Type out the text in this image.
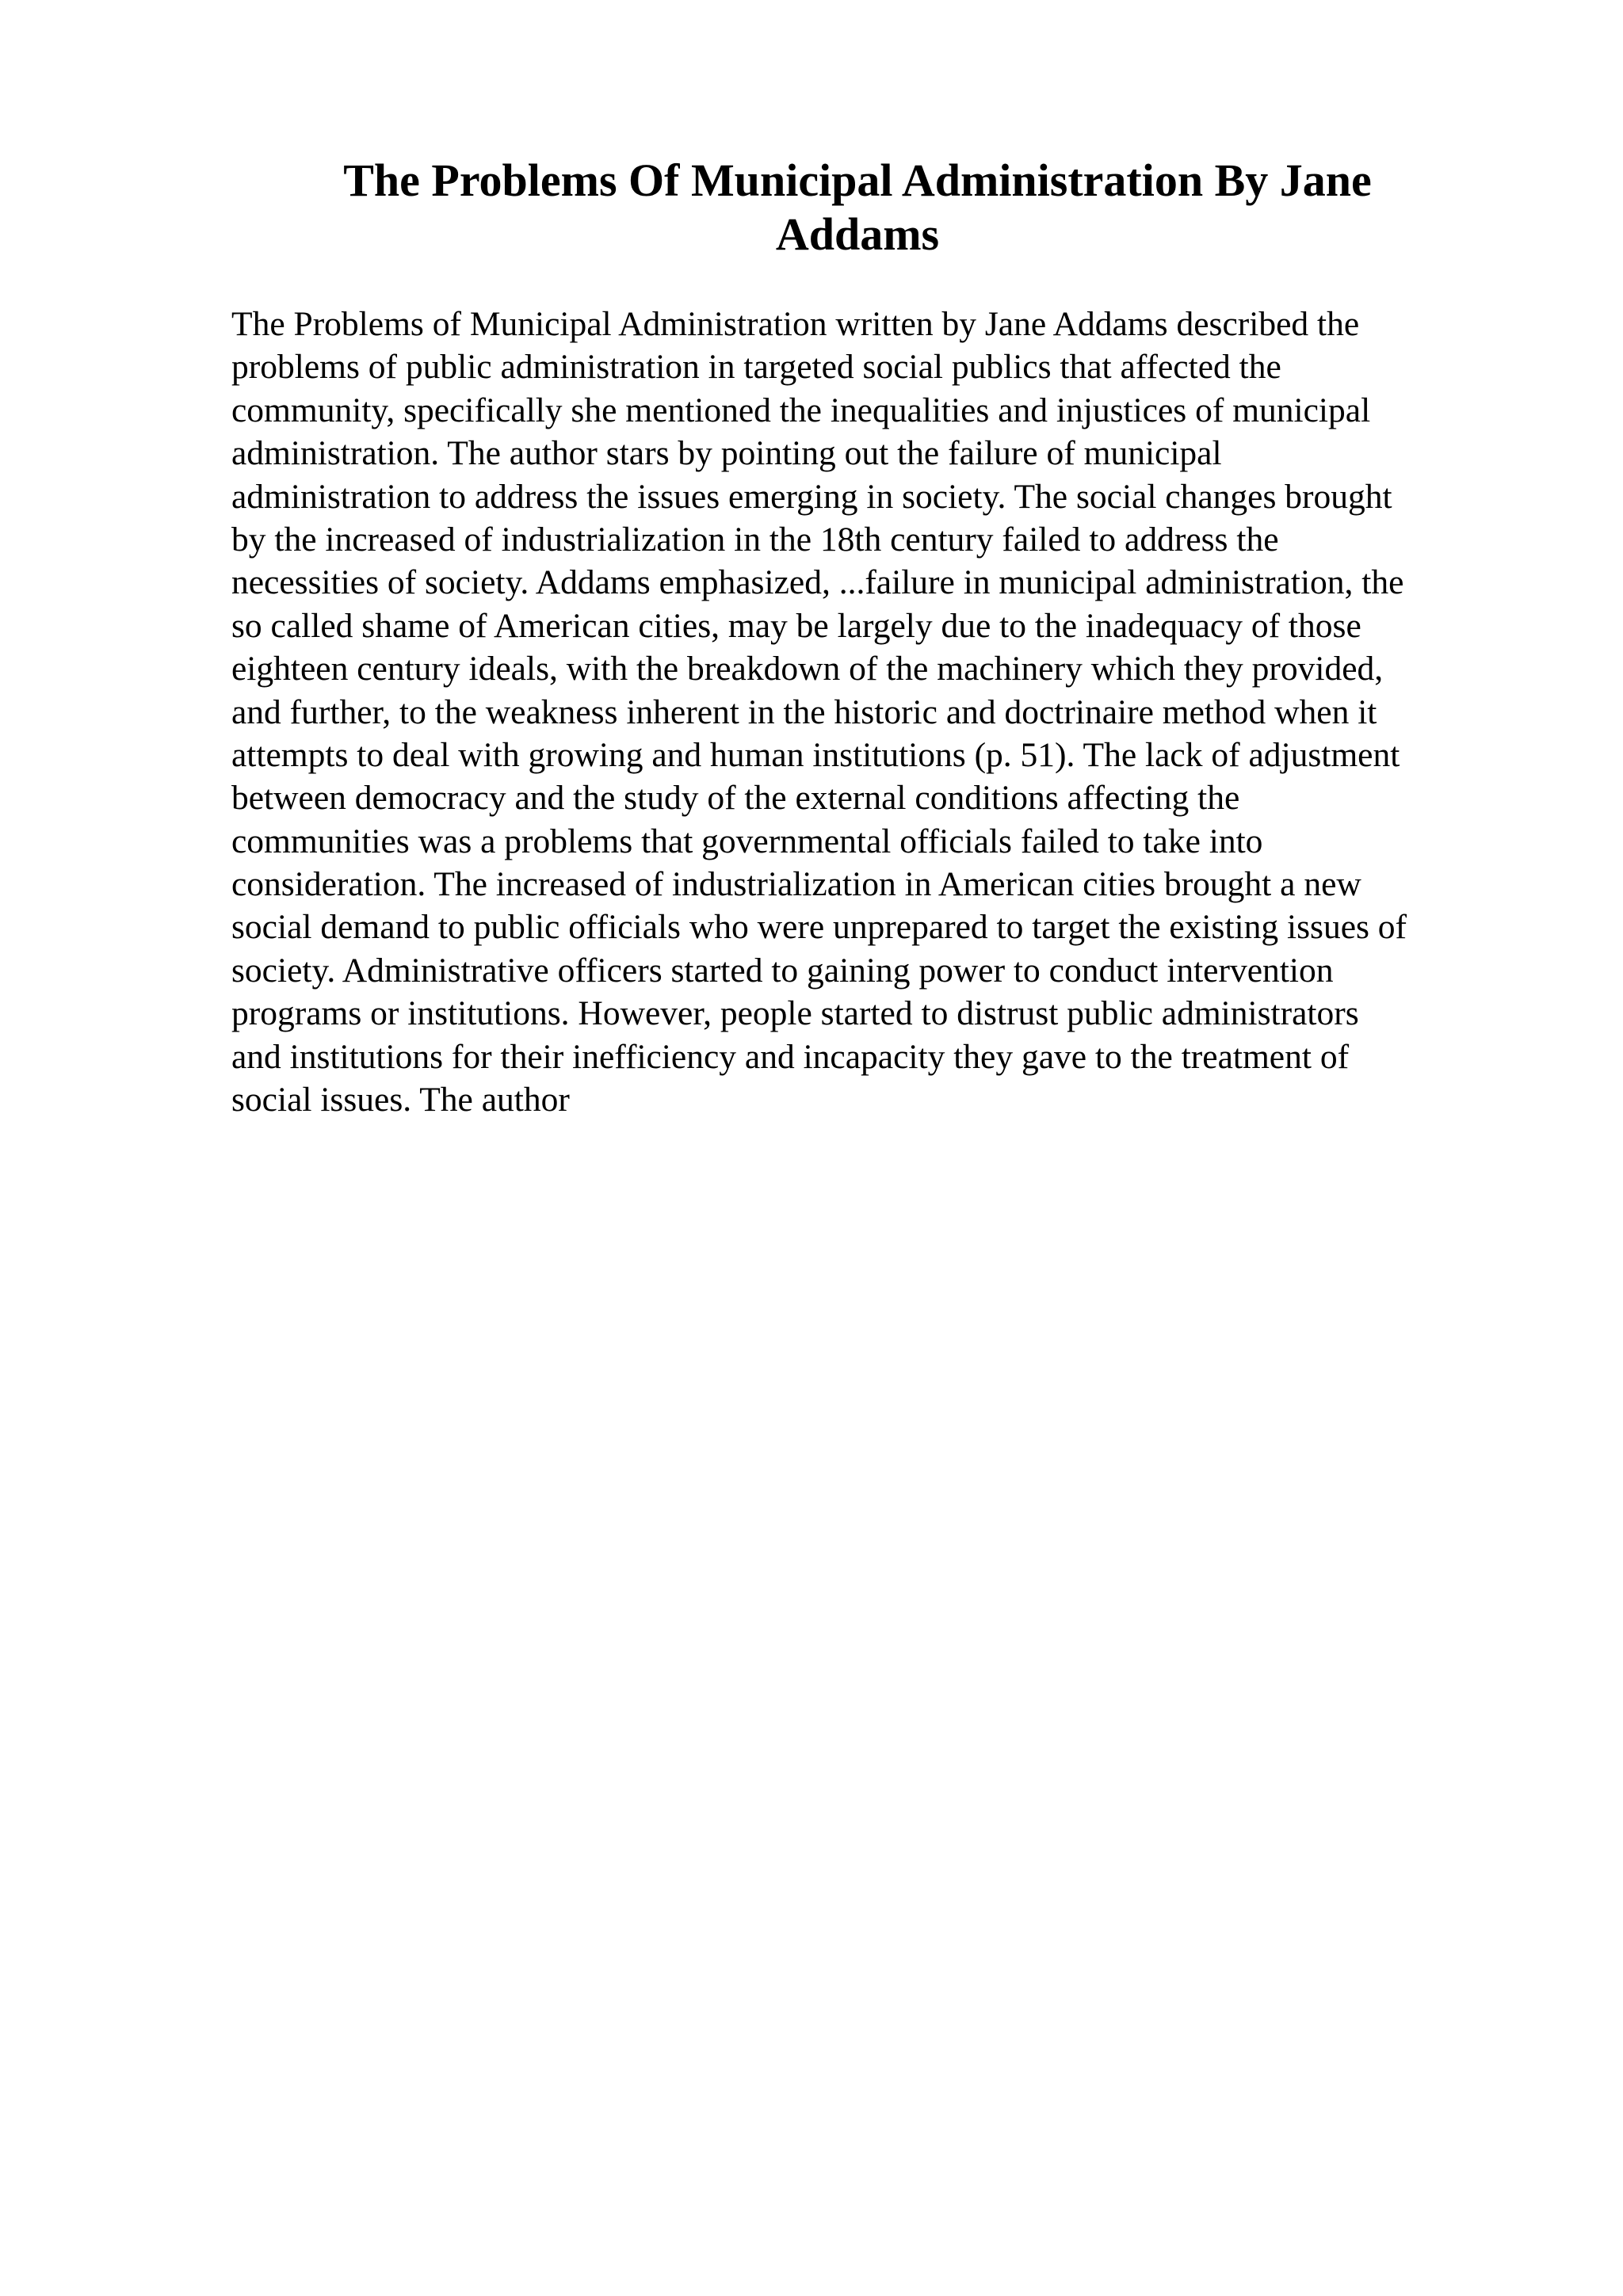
The Problems Of Municipal Administration By Jane
Addams
The Problems of Municipal Administration written by Jane Addams described the
problems of public administration in targeted social publics that affected the
community, specifically she mentioned the inequalities and injustices of municipal
administration. The author stars by pointing out the failure of municipal
administration to address the issues emerging in society. The social changes brought
by the increased of industrialization in the 18th century failed to address the
necessities of society. Addams emphasized, ...failure in municipal administration, the
so called shame of American cities, may be largely due to the inadequacy of those
eighteen century ideals, with the breakdown of the machinery which they provided,
and further, to the weakness inherent in the historic and doctrinaire method when it
attempts to deal with growing and human institutions (p. 51). The lack of adjustment
between democracy and the study of the external conditions affecting the
communities was a problems that governmental officials failed to take into
consideration. The increased of industrialization in American cities brought a new
social demand to public officials who were unprepared to target the existing issues of
society. Administrative officers started to gaining power to conduct intervention
programs or institutions. However, people started to distrust public administrators
and institutions for their inefficiency and incapacity they gave to the treatment of
social issues. The author
